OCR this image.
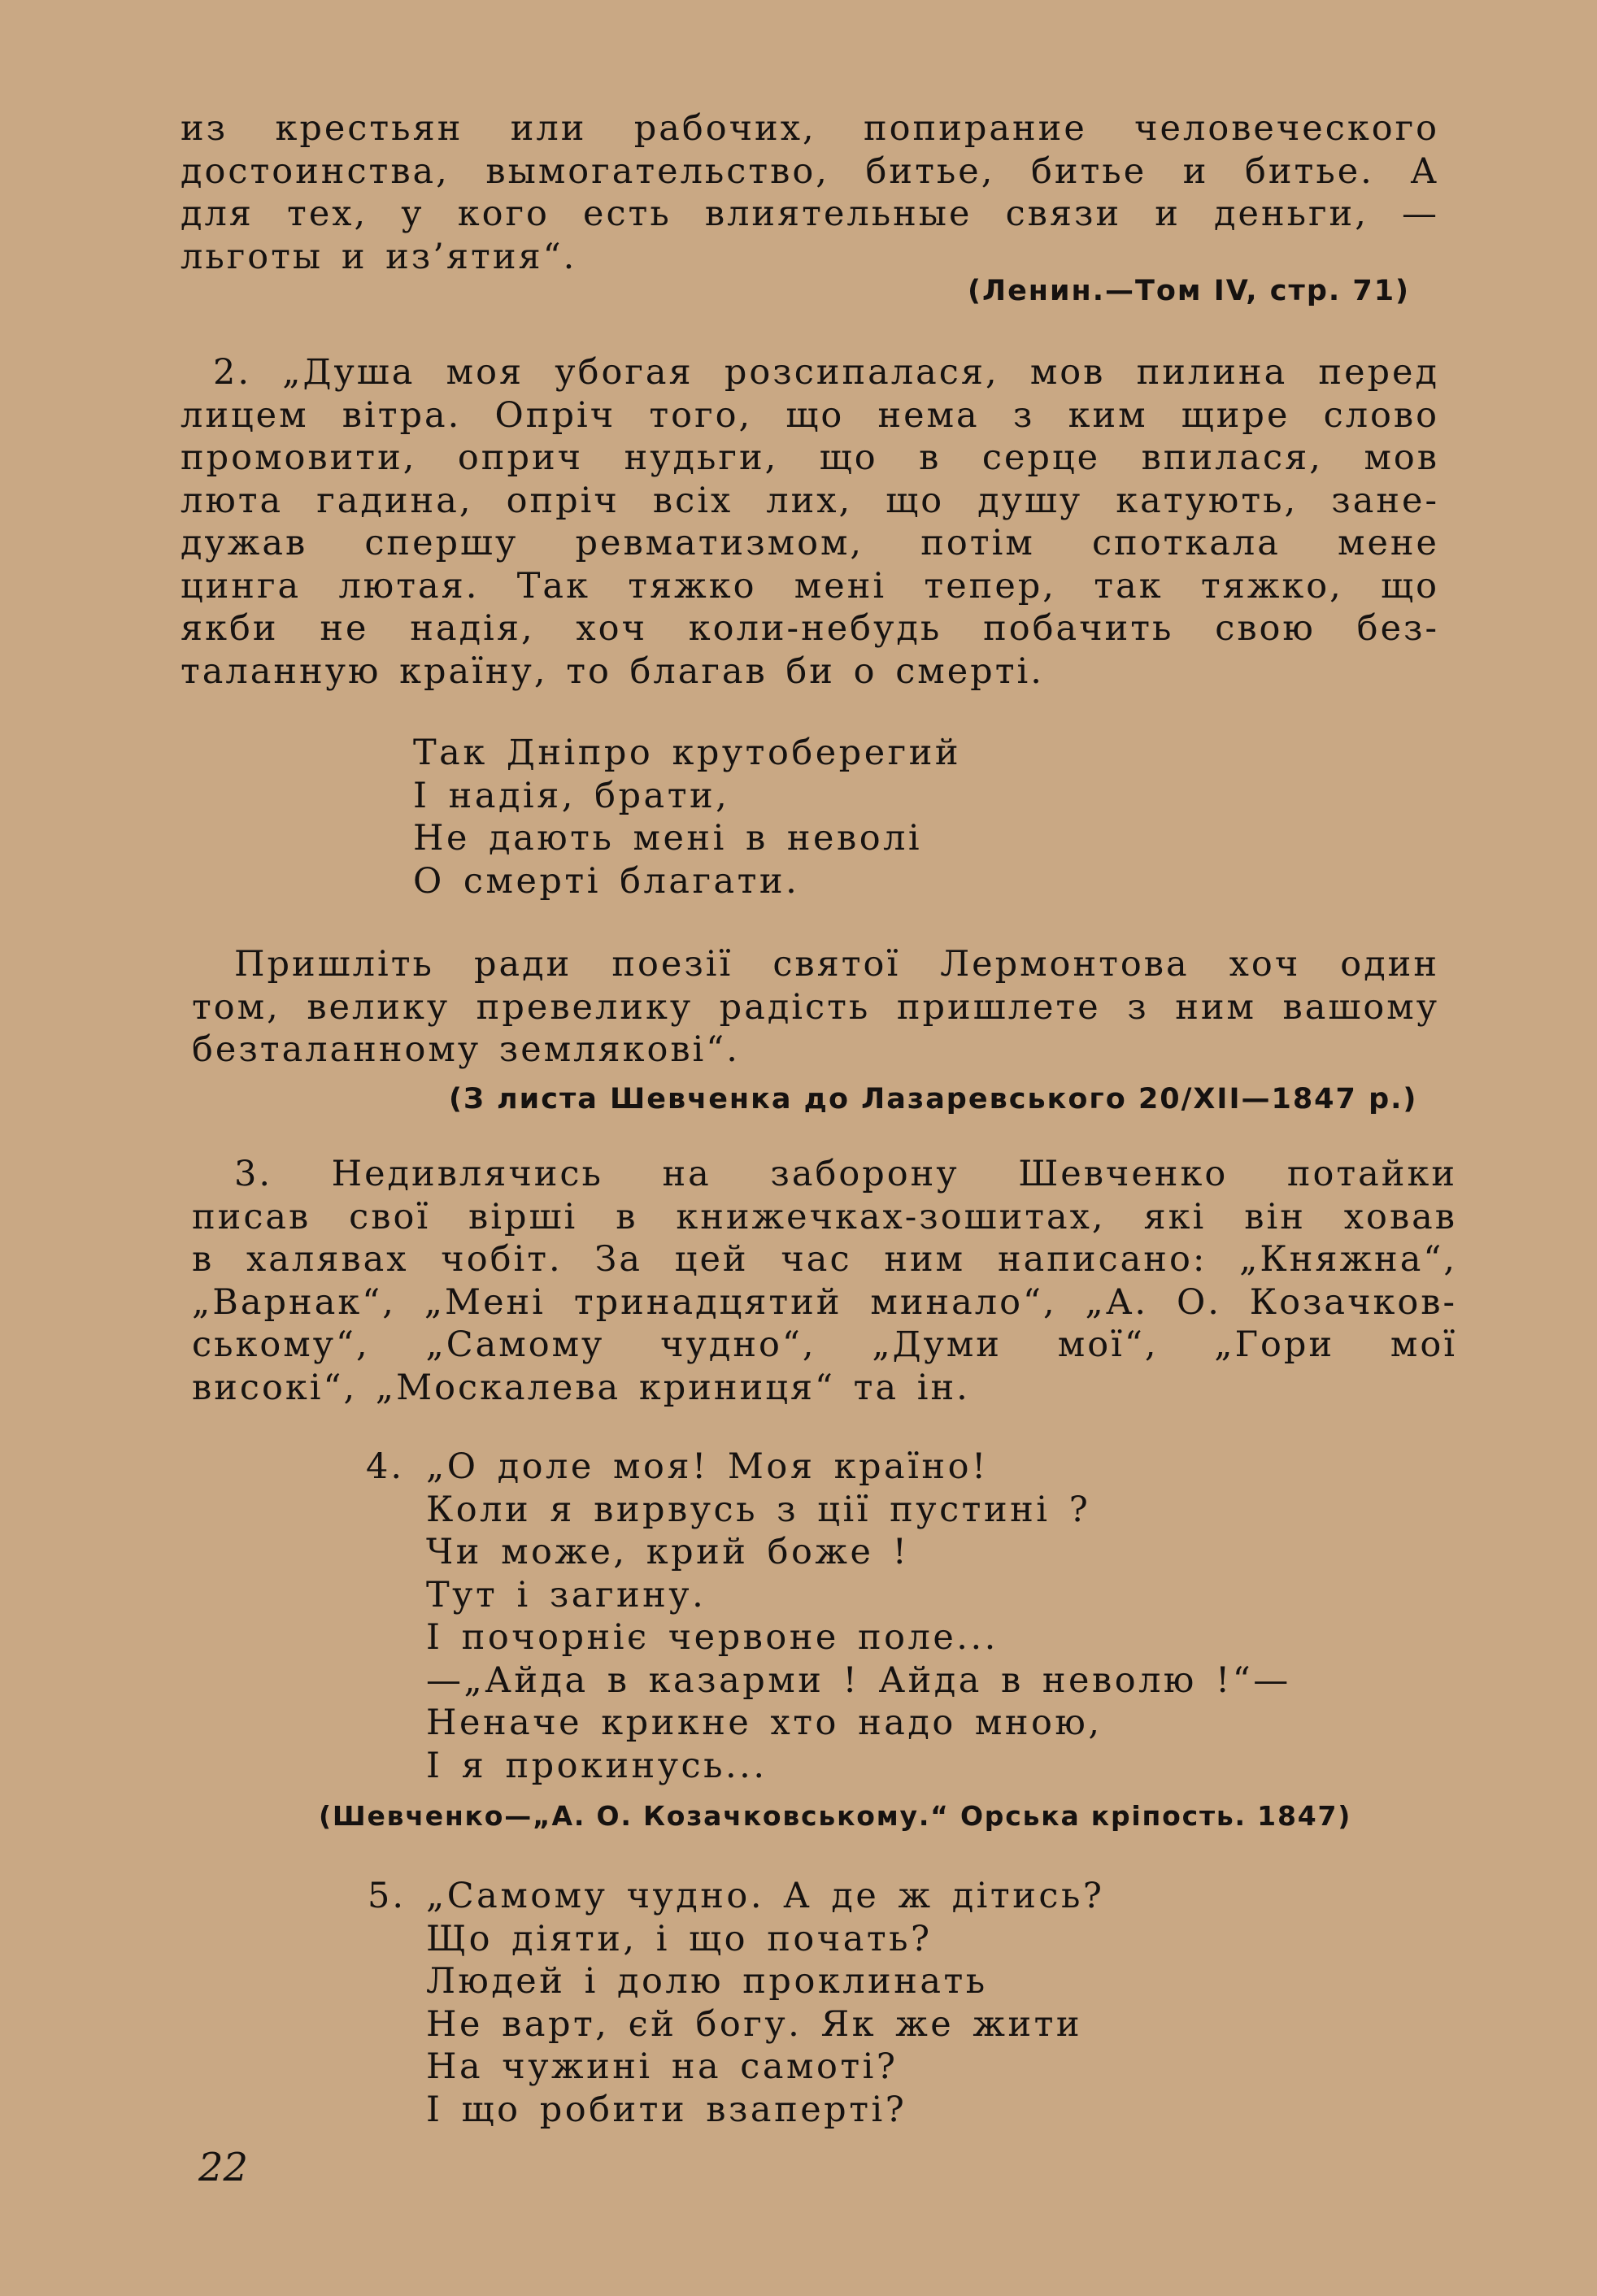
из крестьян или рабочих, попирание человеческого

достоинства, вымогательство, битье, битье и битье. А

для тех, у кого есть влиятельные связи и деньги, —

льготы и из’ятия“.

(Ленин.—Том IV, стр. 71)

2. „Душа моя убогая розсипалася, мов пилина перед

лицем вітра. Опріч того, що нема з ким щире слово

промовити, оприч нудьги, що в серце впилася, мов

люта гадина, опріч всіх лих, що душу катують, зане-

дужав спершу ревматизмом, потім споткала мене

цинга лютая. Так тяжко мені тепер, так тяжко, що

якби не надія, хоч коли-небудь побачить свою без-

таланную країну, то благав би о смерті.

Так Дніпро крутоберегий

І надія, брати,

Не дають мені в неволі

О смерті благати.

Пришліть ради поезії святої Лермонтова хоч один

том, велику превелику радість пришлете з ним вашому

безталанному землякові“.

(З листа Шевченка до Лазаревського 20/XII—1847 р.)

3. Недивлячись на заборону Шевченко потайки

писав свої вірші в книжечках-зошитах, які він ховав

в халявах чобіт. За цей час ним написано: „Княжна“,

„Варнак“, „Мені тринадцятий минало“, „А. О. Козачков-

ському“, „Самому чудно“, „Думи мої“, „Гори мої

високі“, „Москалева криниця“ та ін.

4. „О доле моя! Моя країно!

Коли я вирвусь з ції пустині ?

Чи може, крий боже !

Тут і загину.

І почорніє червоне поле...

—„Айда в казарми ! Айда в неволю !“—

Неначе крикне хто надо мною,

І я прокинусь...

(Шевченко—„А. О. Козачковському.“ Орська кріпость. 1847)
5. „Самому чудно. А де ж дітись?

Що діяти, і що почать?

Людей і долю проклинать

Не варт, єй богу. Як же жити

На чужині на самоті?

І що робити взаперті?

22
